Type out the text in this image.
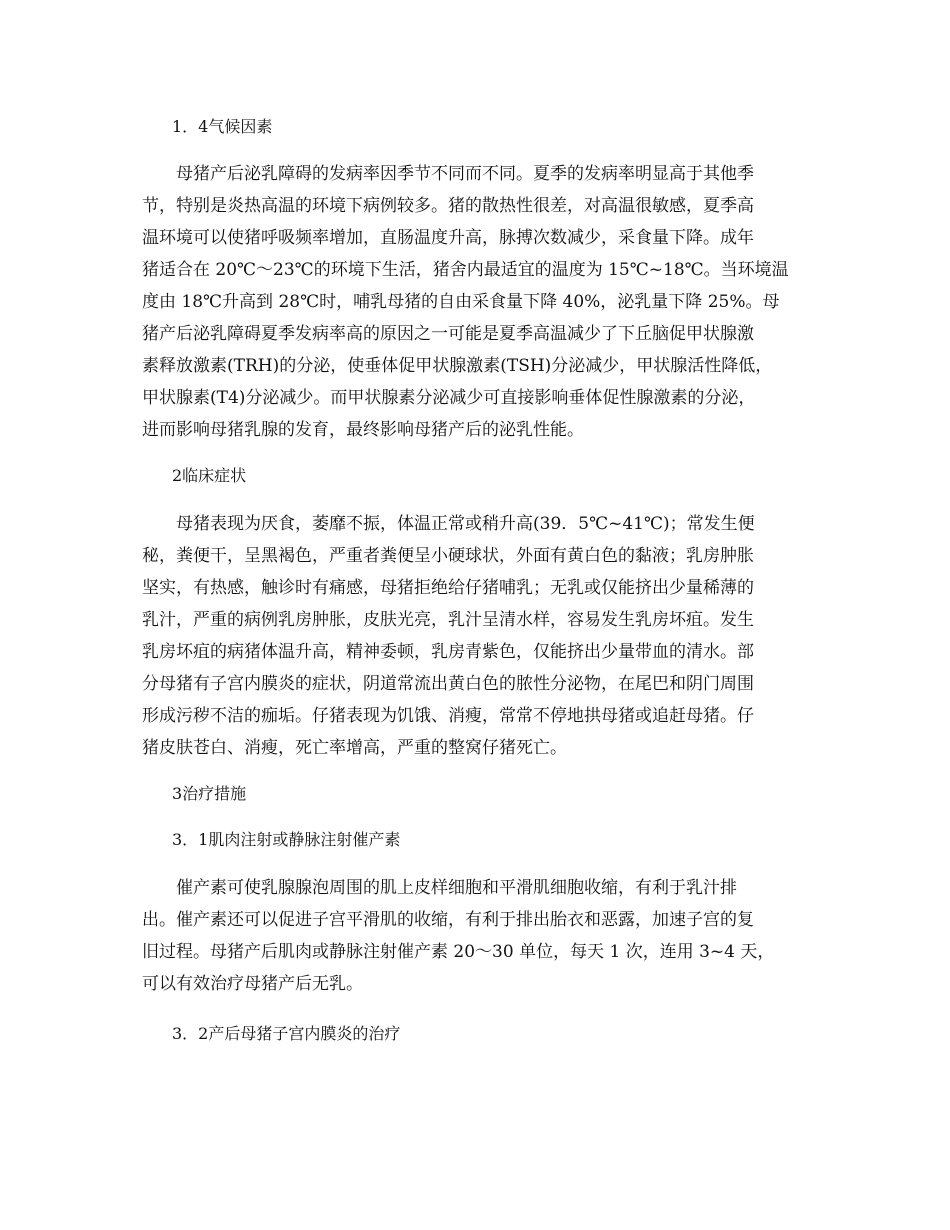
1．4气候因素
　　母猪产后泌乳障碍的发病率因季节不同而不同。夏季的发病率明显高于其他季
节，特别是炎热高温的环境下病例较多。猪的散热性很差，对高温很敏感，夏季高
温环境可以使猪呼吸频率增加，直肠温度升高，脉搏次数减少，采食量下降。成年
猪适合在 20℃～23℃的环境下生活，猪舍内最适宜的温度为 15℃~18℃。当环境温
度由 18℃升高到 28℃时，哺乳母猪的自由采食量下降 40%，泌乳量下降 25%。母
猪产后泌乳障碍夏季发病率高的原因之一可能是夏季高温减少了下丘脑促甲状腺激
素释放激素(TRH)的分泌，使垂体促甲状腺激素(TSH)分泌减少，甲状腺活性降低，
甲状腺素(T4)分泌减少。而甲状腺素分泌减少可直接影响垂体促性腺激素的分泌，
进而影响母猪乳腺的发育，最终影响母猪产后的泌乳性能。
2临床症状
　　母猪表现为厌食，萎靡不振，体温正常或稍升高(39．5℃~41℃)；常发生便
秘，粪便干，呈黑褐色，严重者粪便呈小硬球状，外面有黄白色的黏液；乳房肿胀
坚实，有热感，触诊时有痛感，母猪拒绝给仔猪哺乳；无乳或仅能挤出少量稀薄的
乳汁，严重的病例乳房肿胀，皮肤光亮，乳汁呈清水样，容易发生乳房坏疽。发生
乳房坏疽的病猪体温升高，精神委顿，乳房青紫色，仅能挤出少量带血的清水。部
分母猪有子宫内膜炎的症状，阴道常流出黄白色的脓性分泌物，在尾巴和阴门周围
形成污秽不洁的痂垢。仔猪表现为饥饿、消瘦，常常不停地拱母猪或追赶母猪。仔
猪皮肤苍白、消瘦，死亡率增高，严重的整窝仔猪死亡。
3治疗措施
3．1肌肉注射或静脉注射催产素
　　催产素可使乳腺腺泡周围的肌上皮样细胞和平滑肌细胞收缩，有利于乳汁排
出。催产素还可以促进子宫平滑肌的收缩，有利于排出胎衣和恶露，加速子宫的复
旧过程。母猪产后肌肉或静脉注射催产素 20～30 单位，每天 1 次，连用 3~4 天，
可以有效治疗母猪产后无乳。
3．2产后母猪子宫内膜炎的治疗
